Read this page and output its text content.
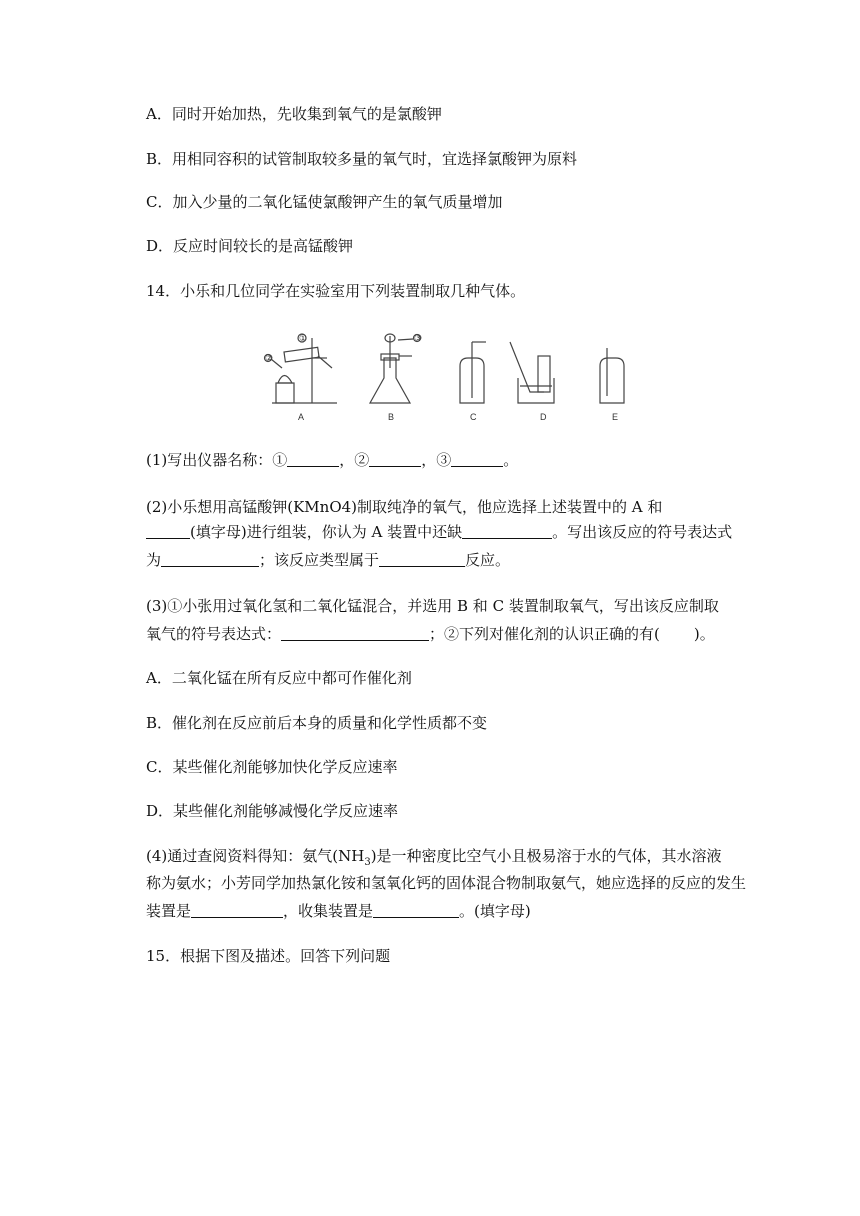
A．同时开始加热，先收集到氧气的是氯酸钾
B．用相同容积的试管制取较多量的氧气时，宜选择氯酸钾为原料
C．加入少量的二氧化锰使氯酸钾产生的氧气质量增加
D．反应时间较长的是高锰酸钾
14．小乐和几位同学在实验室用下列装置制取几种气体。
A	B	C	D	E
①
②
③
(1)写出仪器名称：①	，②	，③	。
(2)小乐想用高锰酸钾(KMnO4)制取纯净的氧气，他应选择上述装置中的 A 和
(填字母)进行组装，你认为 A 装置中还缺	。写出该反应的符号表达式
为	；该反应类型属于	反应。
(3)①小张用过氧化氢和二氧化锰混合，并选用 B 和 C 装置制取氧气，写出该反应制取
氧气的符号表达式：	；②下列对催化剂的认识正确的有( )。
A．二氧化锰在所有反应中都可作催化剂
B．催化剂在反应前后本身的质量和化学性质都不变
C．某些催化剂能够加快化学反应速率
D．某些催化剂能够减慢化学反应速率
(4)通过查阅资料得知：氨气$(NH_3)$是一种密度比空气小且极易溶于水的气体，其水溶液
称为氨水；小芳同学加热氯化铵和氢氧化钙的固体混合物制取氨气，她应选择的反应的发生
装置是	，收集装置是	。(填字母)
15．根据下图及描述。回答下列问题
